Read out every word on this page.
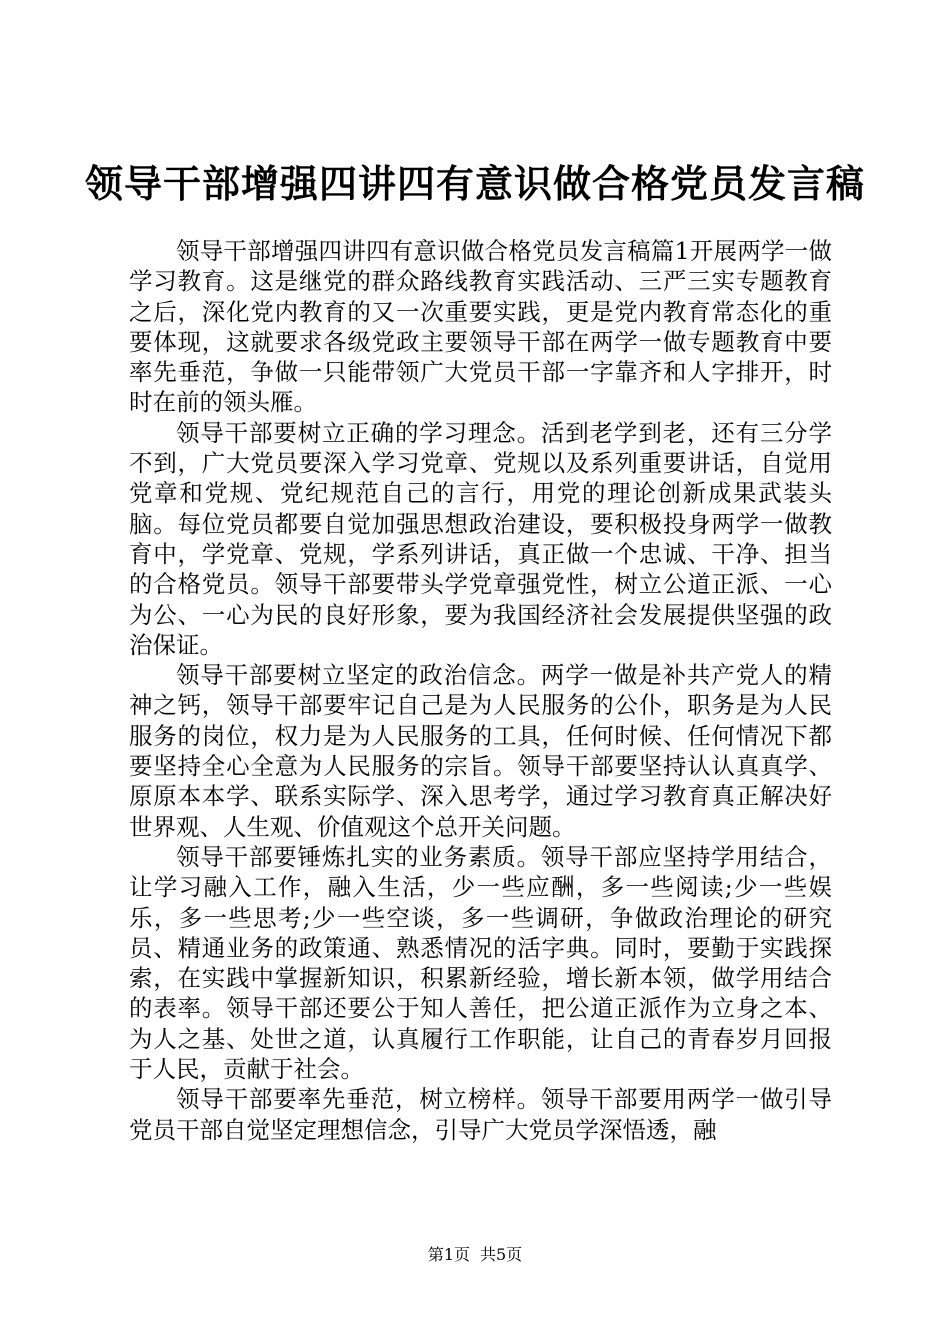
领导干部增强四讲四有意识做合格党员发言稿

领导干部增强四讲四有意识做合格党员发言稿篇1开展两学一做学习教育。这是继党的群众路线教育实践活动、三严三实专题教育之后，深化党内教育的又一次重要实践，更是党内教育常态化的重要体现，这就要求各级党政主要领导干部在两学一做专题教育中要率先垂范，争做一只能带领广大党员干部一字靠齐和人字排开，时时在前的领头雁。

领导干部要树立正确的学习理念。活到老学到老，还有三分学不到，广大党员要深入学习党章、党规以及系列重要讲话，自觉用党章和党规、党纪规范自己的言行，用党的理论创新成果武装头脑。每位党员都要自觉加强思想政治建设，要积极投身两学一做教育中，学党章、党规，学系列讲话，真正做一个忠诚、干净、担当的合格党员。领导干部要带头学党章强党性，树立公道正派、一心为公、一心为民的良好形象，要为我国经济社会发展提供坚强的政治保证。

领导干部要树立坚定的政治信念。两学一做是补共产党人的精神之钙，领导干部要牢记自己是为人民服务的公仆，职务是为人民服务的岗位，权力是为人民服务的工具，任何时候、任何情况下都要坚持全心全意为人民服务的宗旨。领导干部要坚持认认真真学、原原本本学、联系实际学、深入思考学，通过学习教育真正解决好世界观、人生观、价值观这个总开关问题。

领导干部要锤炼扎实的业务素质。领导干部应坚持学用结合，让学习融入工作，融入生活，少一些应酬，多一些阅读;少一些娱乐，多一些思考;少一些空谈，多一些调研，争做政治理论的研究员、精通业务的政策通、熟悉情况的活字典。同时，要勤于实践探索，在实践中掌握新知识，积累新经验，增长新本领，做学用结合的表率。领导干部还要公于知人善任，把公道正派作为立身之本、为人之基、处世之道，认真履行工作职能，让自己的青春岁月回报于人民，贡献于社会。

领导干部要率先垂范，树立榜样。领导干部要用两学一做引导党员干部自觉坚定理想信念，引导广大党员学深悟透，融

第1页 共5页
